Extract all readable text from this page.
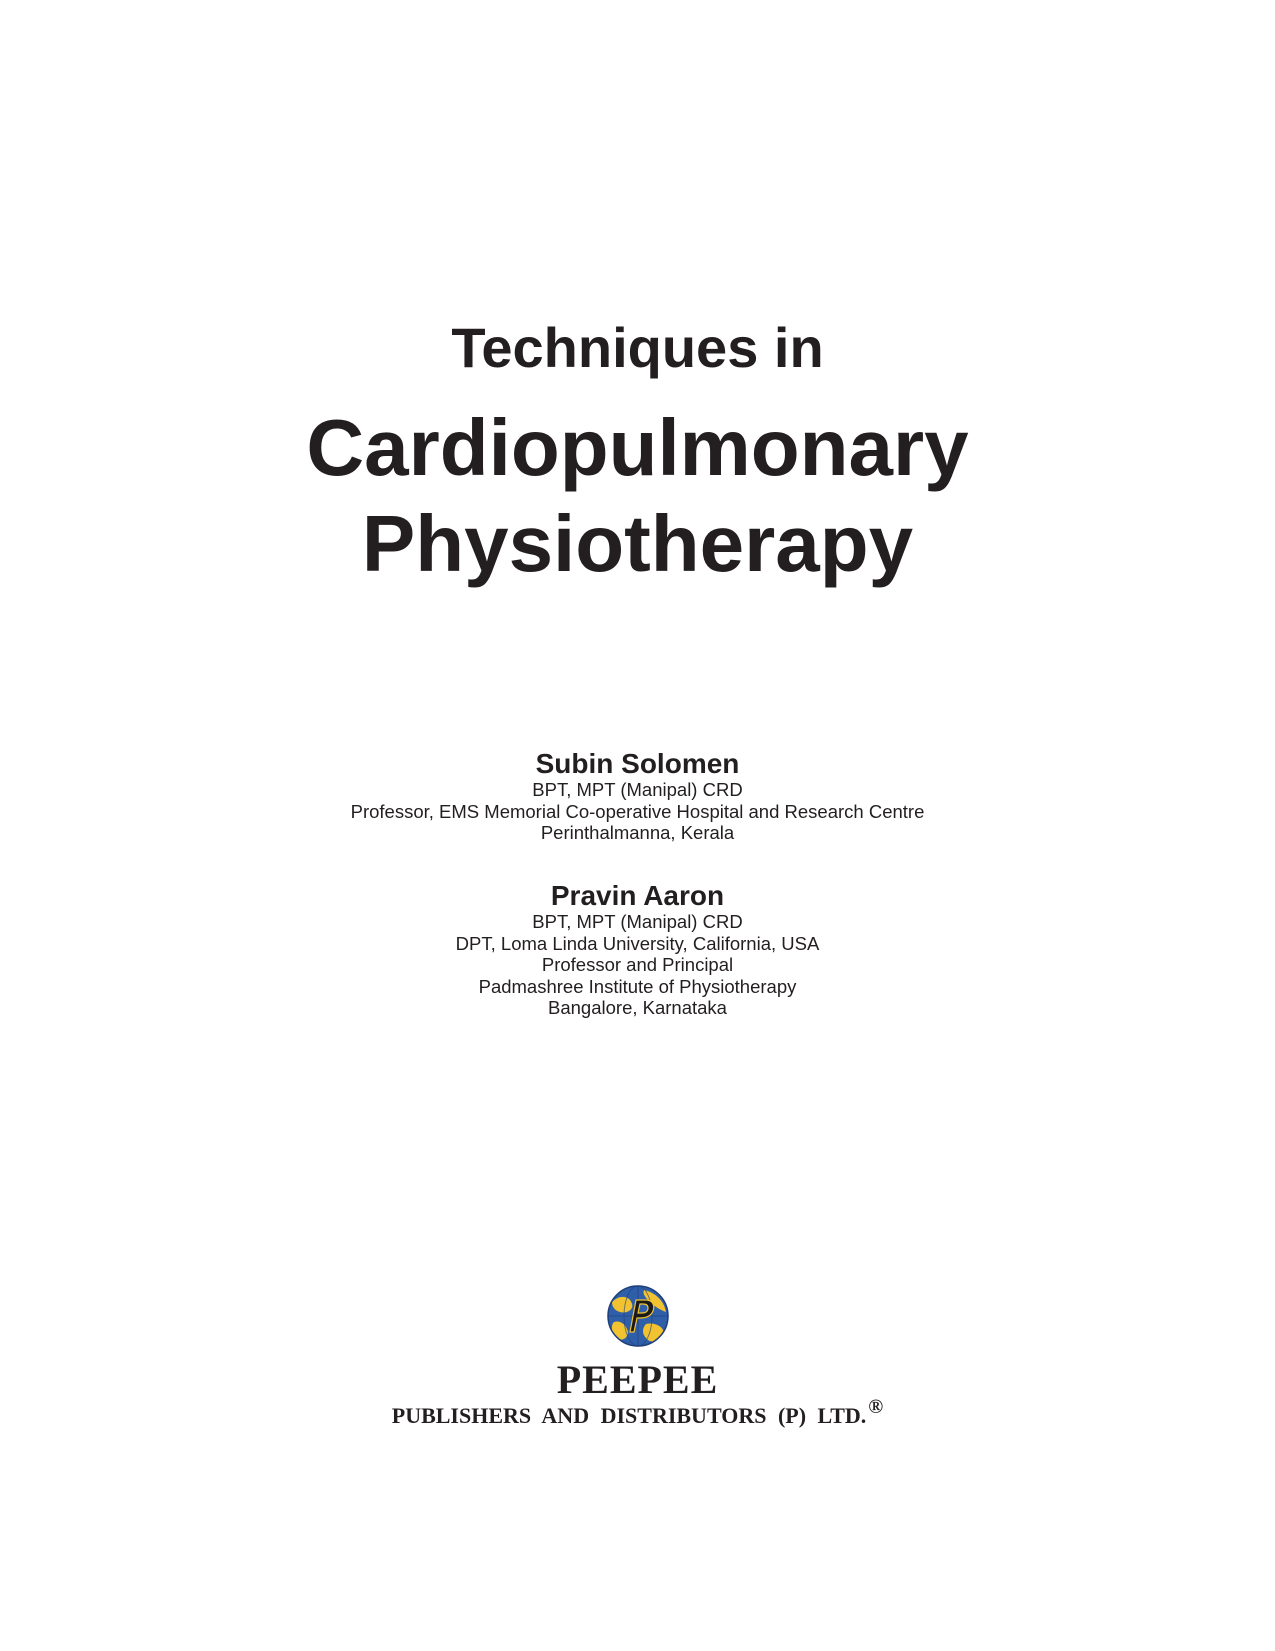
Techniques in
Cardiopulmonary
Physiotherapy

Subin Solomen

BPT, MPT (Manipal) CRD

Professor, EMS Memorial Co-operative Hospital and Research Centre

Perinthalmanna, Kerala

Pravin Aaron

BPT, MPT (Manipal) CRD

DPT, Loma Linda University, California, USA

Professor and Principal

Padmashree Institute of Physiotherapy

Bangalore, Karnataka

PEEPEE
PUBLISHERS AND DISTRIBUTORS (P) LTD. ®
